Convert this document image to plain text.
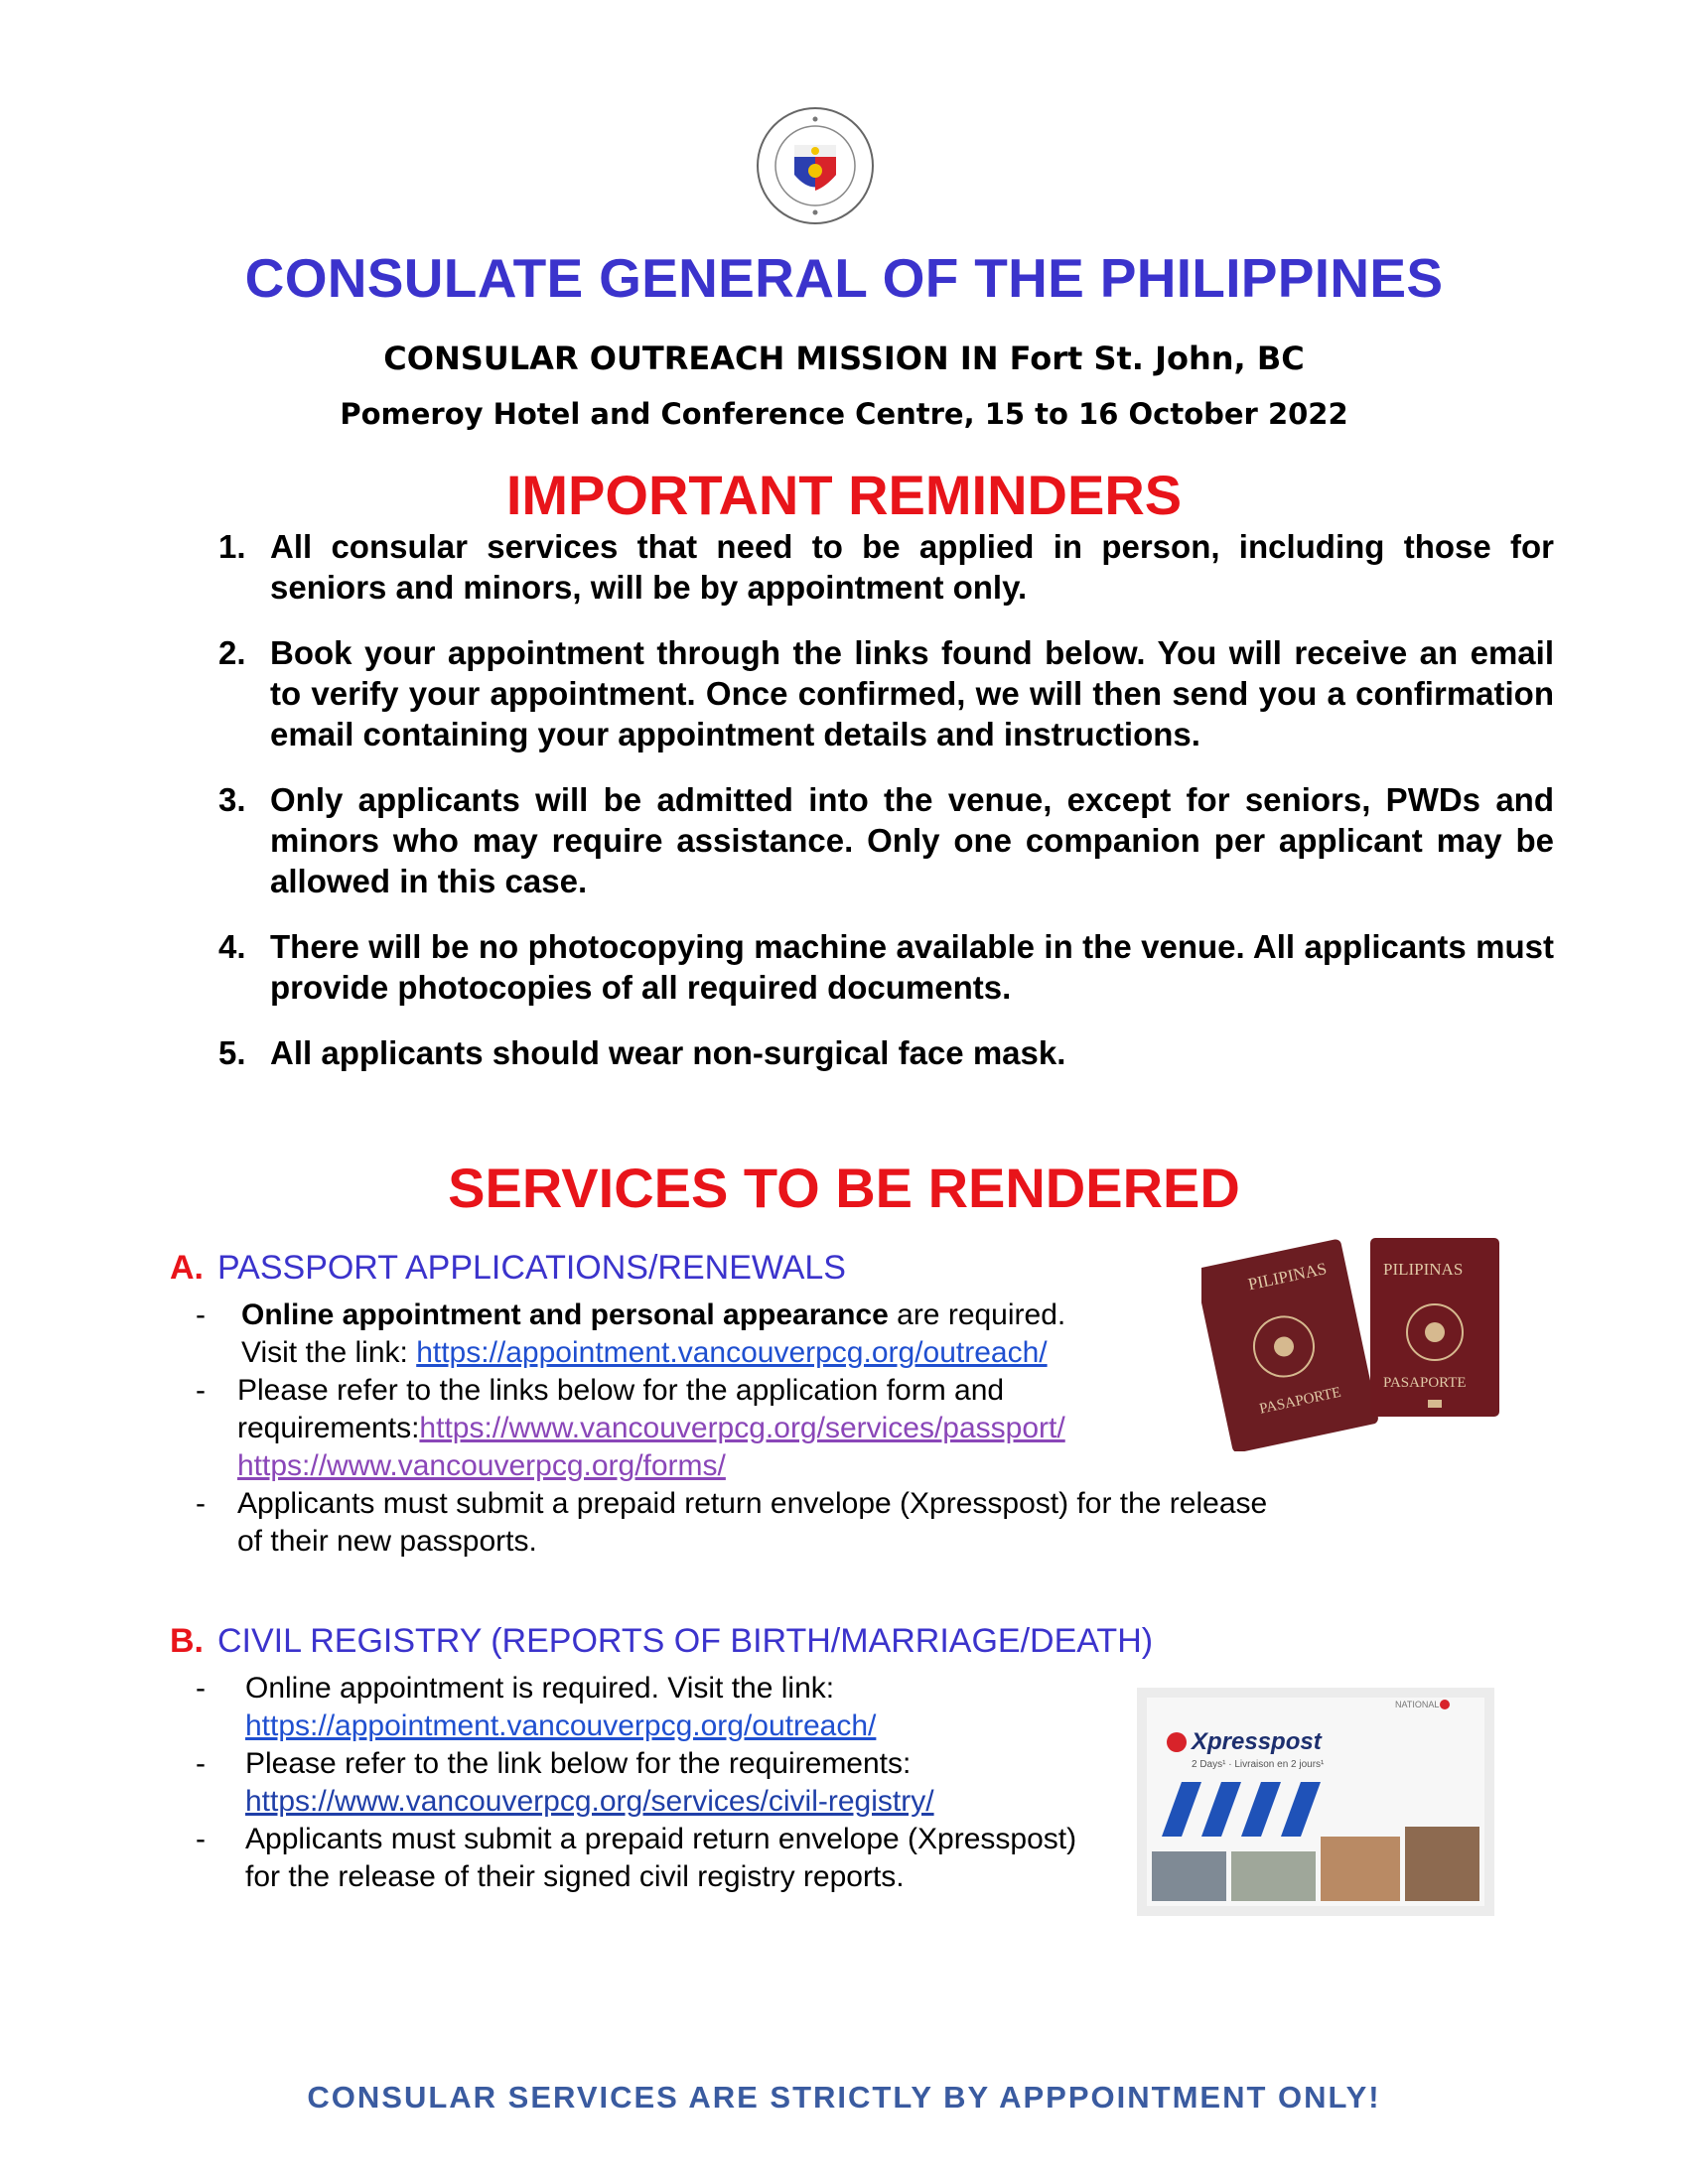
CONSULATE GENERAL OF THE PHILIPPINES
CONSULAR OUTREACH MISSION IN Fort St. John, BC
Pomeroy Hotel and Conference Centre, 15 to 16 October 2022
IMPORTANT REMINDERS
1. All consular services that need to be applied in person, including those for seniors and minors, will be by appointment only.
2. Book your appointment through the links found below. You will receive an email to verify your appointment. Once confirmed, we will then send you a confirmation email containing your appointment details and instructions.
3. Only applicants will be admitted into the venue, except for seniors, PWDs and minors who may require assistance. Only one companion per applicant may be allowed in this case.
4. There will be no photocopying machine available in the venue. All applicants must provide photocopies of all required documents.
5. All applicants should wear non-surgical face mask.
SERVICES TO BE RENDERED
A. PASSPORT APPLICATIONS/RENEWALS
- Online appointment and personal appearance are required.
Visit the link: https://appointment.vancouverpcg.org/outreach/
- Please refer to the links below for the application form and
requirements:https://www.vancouverpcg.org/services/passport/
https://www.vancouverpcg.org/forms/
- Applicants must submit a prepaid return envelope (Xpresspost) for the release of their new passports.
PILIPINAS
PASAPORTE
PILIPINAS
PASAPORTE
B. CIVIL REGISTRY (REPORTS OF BIRTH/MARRIAGE/DEATH)
- Online appointment is required. Visit the link:
https://appointment.vancouverpcg.org/outreach/
- Please refer to the link below for the requirements:
https://www.vancouverpcg.org/services/civil-registry/
- Applicants must submit a prepaid return envelope (Xpresspost) for the release of their signed civil registry reports.
Xpresspost
2 Days¹ · Livraison en 2 jours¹
NATIONAL
CONSULAR SERVICES ARE STRICTLY BY APPPOINTMENT ONLY!
